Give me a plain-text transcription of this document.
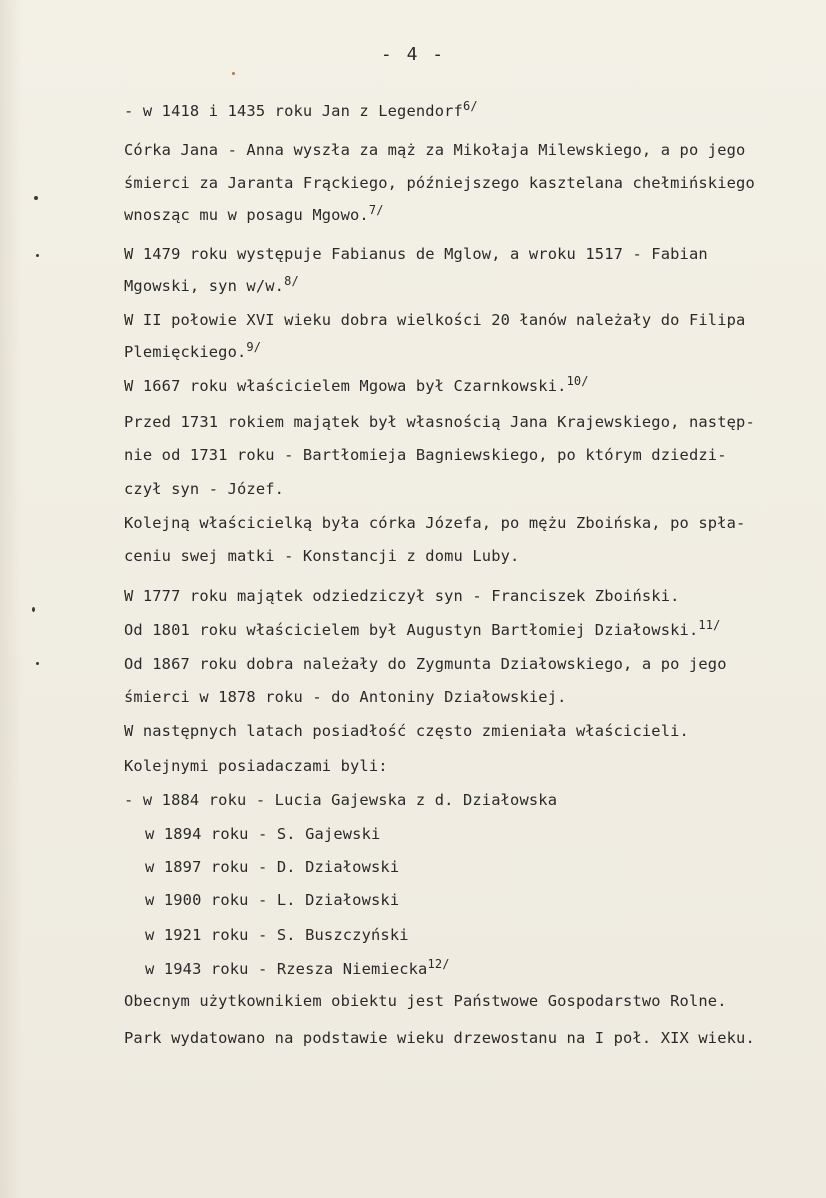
- 4 -
- w 1418 i 1435 roku Jan z Legendorf$^{6/}$
Córka Jana - Anna wyszła za mąż za Mikołaja Milewskiego, a po jego
śmierci za Jaranta Frąckiego, późniejszego kasztelana chełmińskiego
wnosząc mu w posagu Mgowo.$^{7/}$
W 1479 roku występuje Fabianus de Mglow, a wroku 1517 - Fabian
Mgowski, syn w/w.$^{8/}$
W II połowie XVI wieku dobra wielkości 20 łanów należały do Filipa
Plemięckiego.$^{9/}$
W 1667 roku właścicielem Mgowa był Czarnkowski.$^{10/}$
Przed 1731 rokiem majątek był własnością Jana Krajewskiego, następ-
nie od 1731 roku - Bartłomieja Bagniewskiego, po którym dziedzi-
czył syn - Józef.
Kolejną właścicielką była córka Józefa, po mężu Zboińska, po spła-
ceniu swej matki - Konstancji z domu Luby.
W 1777 roku majątek odziedziczył syn - Franciszek Zboiński.
Od 1801 roku właścicielem był Augustyn Bartłomiej Działowski.$^{11/}$
Od 1867 roku dobra należały do Zygmunta Działowskiego, a po jego
śmierci w 1878 roku - do Antoniny Działowskiej.
W następnych latach posiadłość często zmieniała właścicieli.
Kolejnymi posiadaczami byli:
- w 1884 roku - Lucia Gajewska z d. Działowska
w 1894 roku - S. Gajewski
w 1897 roku - D. Działowski
w 1900 roku - L. Działowski
w 1921 roku - S. Buszczyński
w 1943 roku - Rzesza Niemiecka$^{12/}$
Obecnym użytkownikiem obiektu jest Państwowe Gospodarstwo Rolne.
Park wydatowano na podstawie wieku drzewostanu na I poł. XIX wieku.
